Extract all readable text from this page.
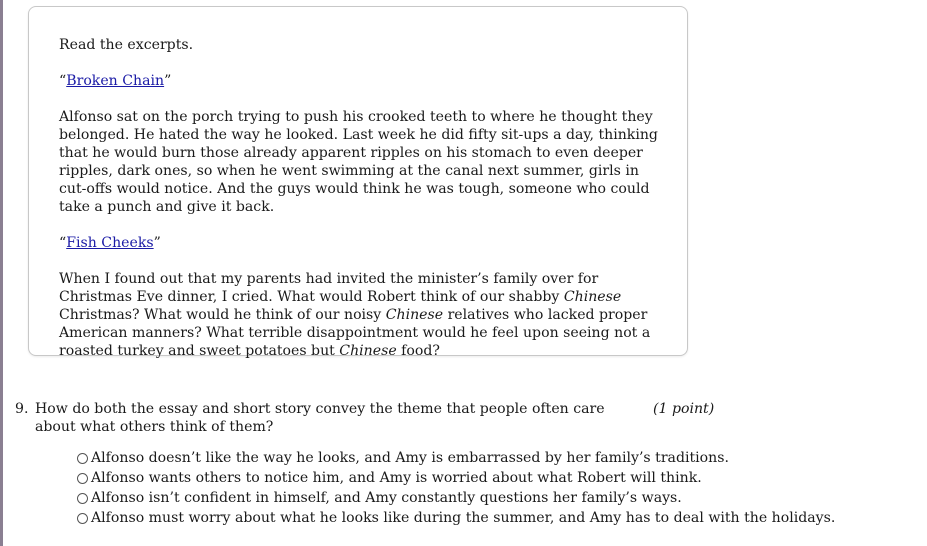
Read the excerpts.

“Broken Chain”

Alfonso sat on the porch trying to push his crooked teeth to where he thought they belonged. He hated the way he looked. Last week he did fifty sit-ups a day, thinking that he would burn those already apparent ripples on his stomach to even deeper ripples, dark ones, so when he went swimming at the canal next summer, girls in cut-offs would notice. And the guys would think he was tough, someone who could take a punch and give it back.

“Fish Cheeks”

When I found out that my parents had invited the minister’s family over for Christmas Eve dinner, I cried. What would Robert think of our shabby Chinese Christmas? What would he think of our noisy Chinese relatives who lacked proper American manners? What terrible disappointment would he feel upon seeing not a roasted turkey and sweet potatoes but Chinese food?

9. How do both the essay and short story convey the theme that people often care about what others think of them?
(1 point)
Alfonso doesn’t like the way he looks, and Amy is embarrassed by her family’s traditions.
Alfonso wants others to notice him, and Amy is worried about what Robert will think.
Alfonso isn’t confident in himself, and Amy constantly questions her family’s ways.
Alfonso must worry about what he looks like during the summer, and Amy has to deal with the holidays.
